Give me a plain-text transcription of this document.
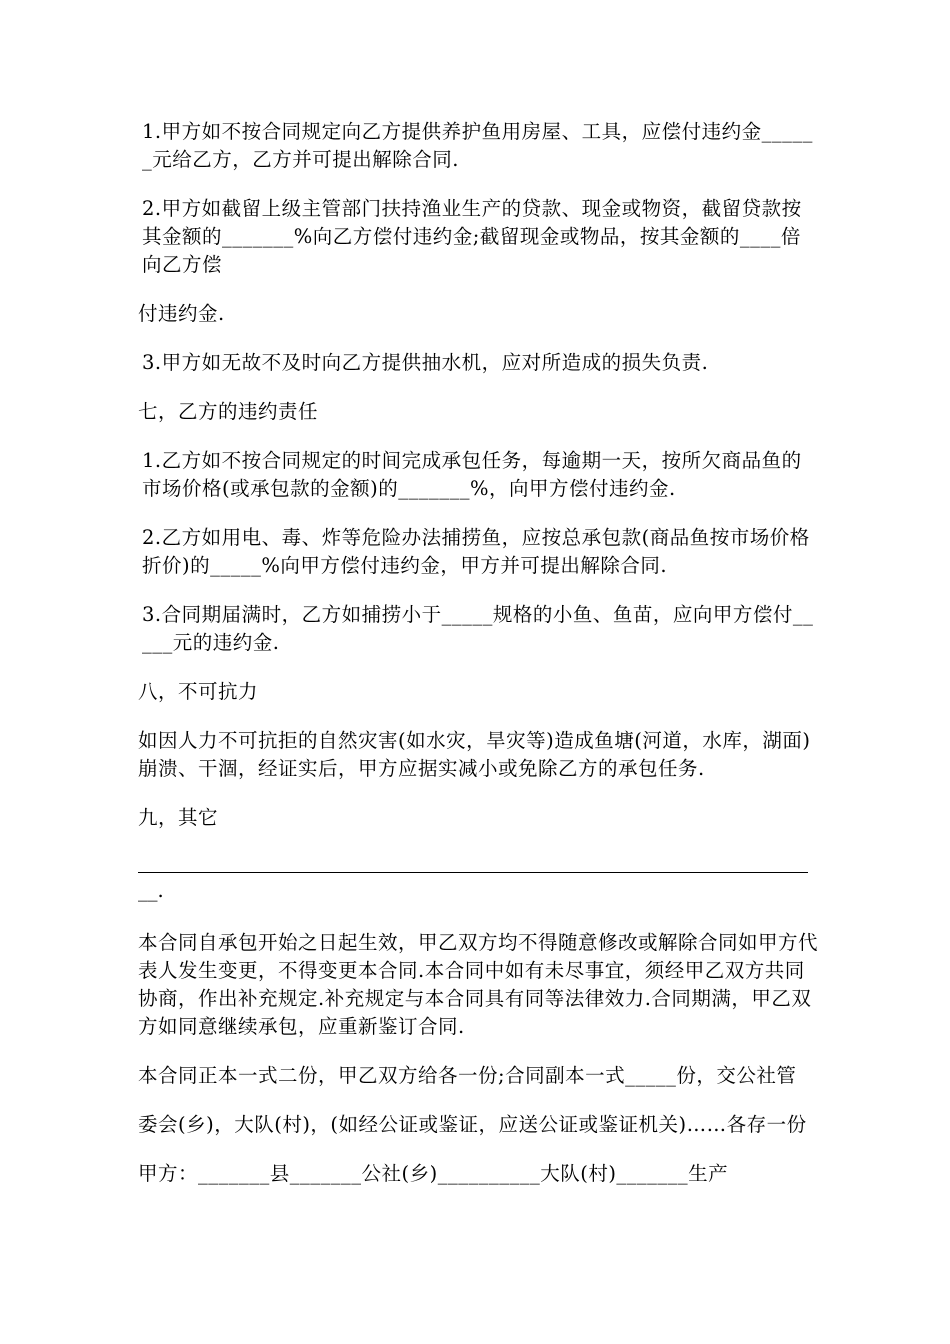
1.甲方如不按合同规定向乙方提供养护鱼用房屋、工具，应偿付违约金______元给乙方，乙方并可提出解除合同.

2.甲方如截留上级主管部门扶持渔业生产的贷款、现金或物资，截留贷款按其金额的_______%向乙方偿付违约金;截留现金或物品，按其金额的____倍向乙方偿

付违约金.

3.甲方如无故不及时向乙方提供抽水机，应对所造成的损失负责.

七，乙方的违约责任

1.乙方如不按合同规定的时间完成承包任务，每逾期一天，按所欠商品鱼的市场价格(或承包款的金额)的_______%，向甲方偿付违约金.

2.乙方如用电、毒、炸等危险办法捕捞鱼，应按总承包款(商品鱼按市场价格折价)的_____%向甲方偿付违约金，甲方并可提出解除合同.

3.合同期届满时，乙方如捕捞小于_____规格的小鱼、鱼苗，应向甲方偿付_____元的违约金.

八，不可抗力

如因人力不可抗拒的自然灾害(如水灾，旱灾等)造成鱼塘(河道，水库，湖面)崩溃、干涸，经证实后，甲方应据实减小或免除乙方的承包任务.

九，其它

__.

本合同自承包开始之日起生效，甲乙双方均不得随意修改或解除合同如甲方代表人发生变更，不得变更本合同.本合同中如有未尽事宜，须经甲乙双方共同协商，作出补充规定.补充规定与本合同具有同等法律效力.合同期满，甲乙双方如同意继续承包，应重新鉴订合同.

本合同正本一式二份，甲乙双方给各一份;合同副本一式_____份，交公社管

委会(乡)，大队(村)，(如经公证或鉴证，应送公证或鉴证机关)……各存一份

甲方：_______县_______公社(乡)__________大队(村)_______生产
